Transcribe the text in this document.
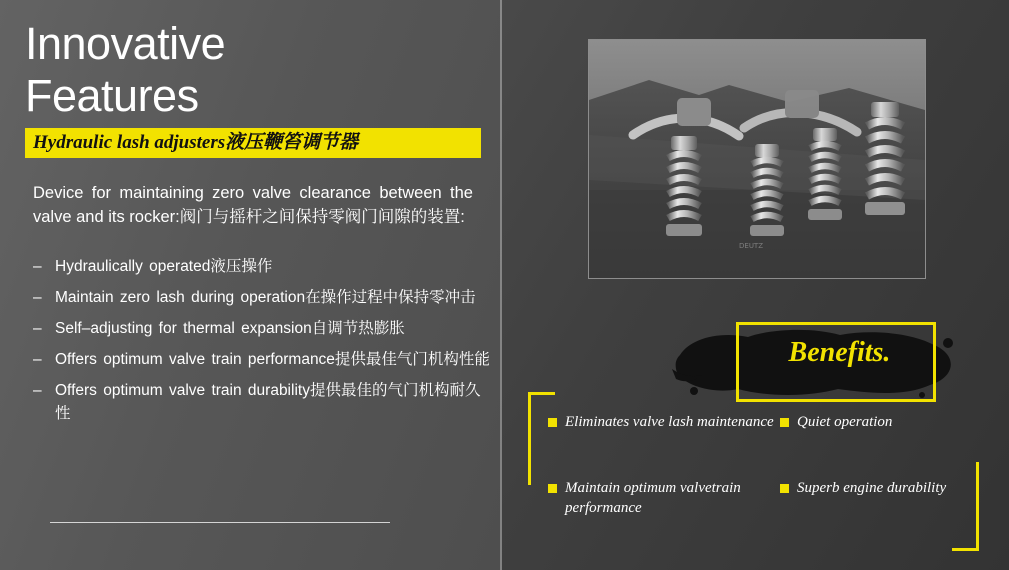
Innovative
Features
Hydraulic lash adjusters液压鞭笞调节器
Device for maintaining zero valve clearance between the valve and its rocker:阀门与摇杆之间保持零阀门间隙的装置:
– Hydraulically operated液压操作
– Maintain zero lash during operation在操作过程中保持零冲击
– Self–adjusting for thermal expansion自调节热膨胀
– Offers optimum valve train performance提供最佳气门机构性能
– Offers optimum valve train durability提供最佳的气门机构耐久性
DEUTZ
Benefits.
Eliminates valve lash maintenance Quiet operation
Maintain optimum valvetrain performance
Superb engine durability
